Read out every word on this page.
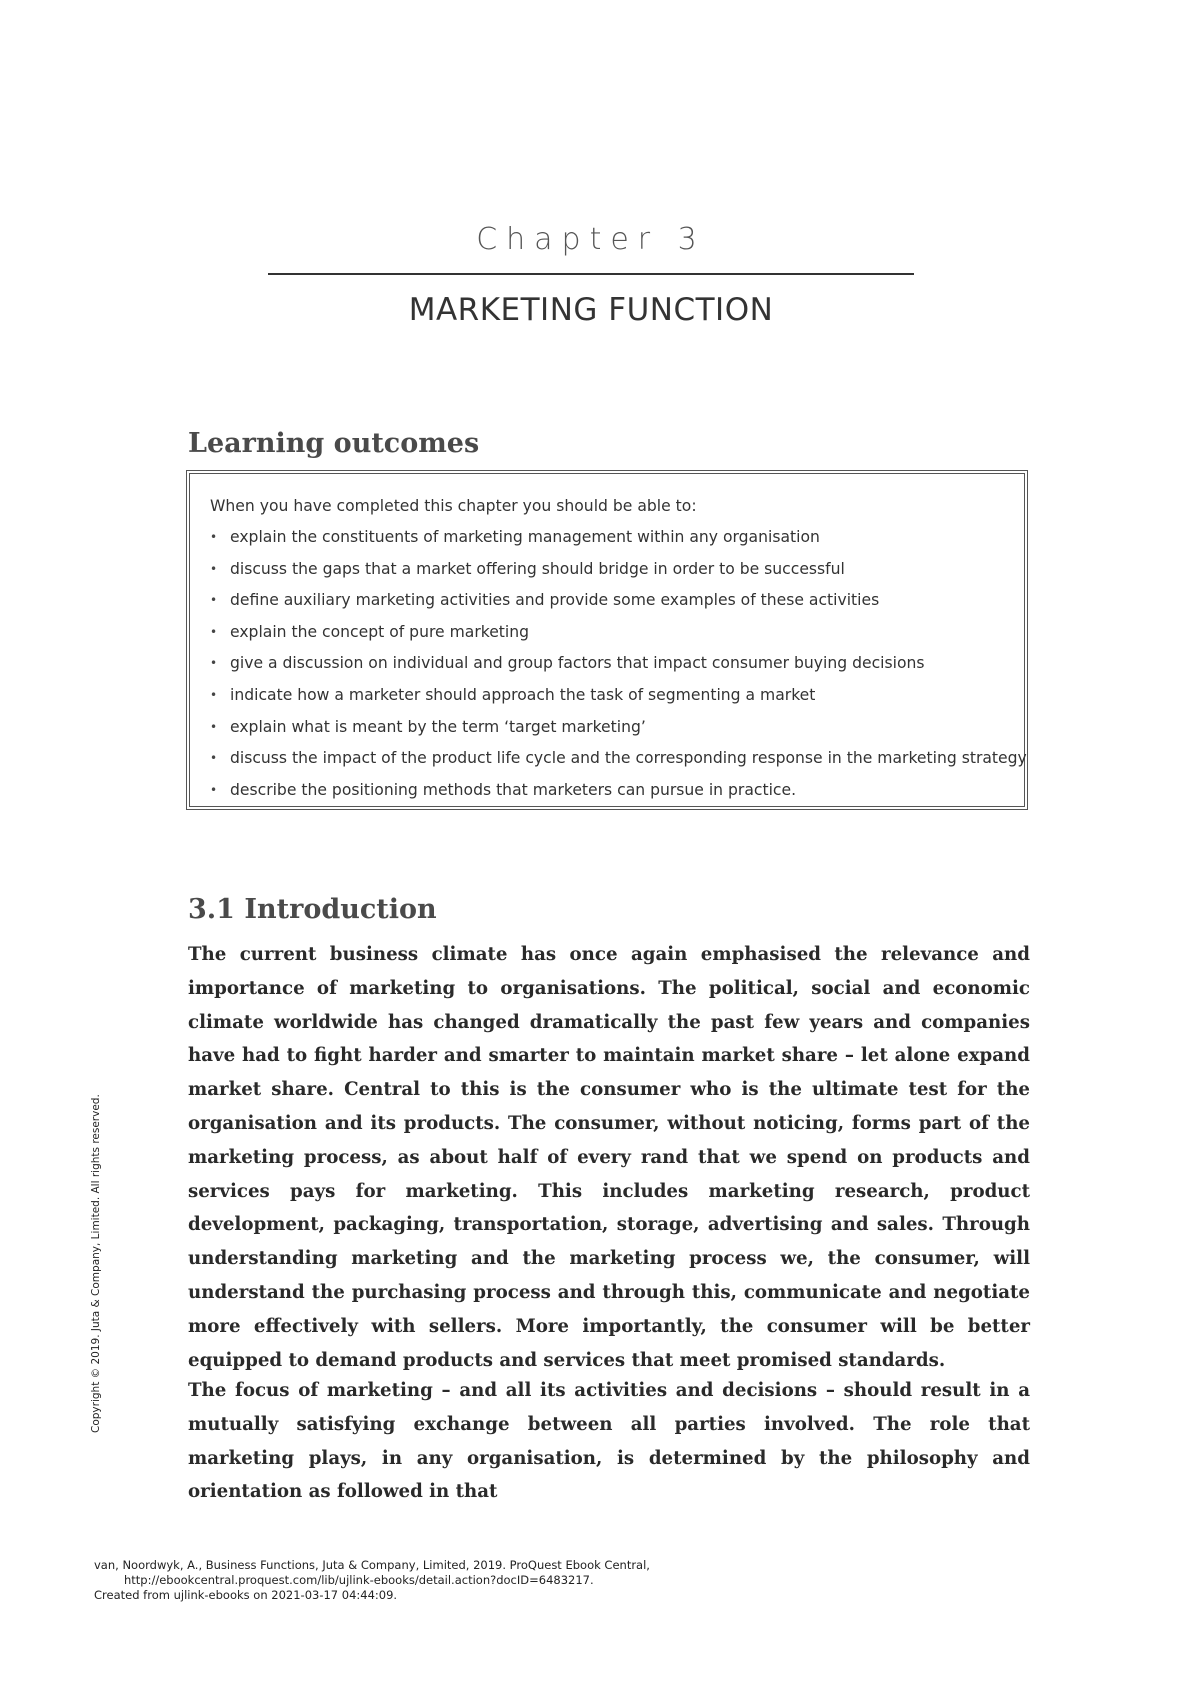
Chapter 3
MARKETING FUNCTION
Learning outcomes
When you have completed this chapter you should be able to:
• explain the constituents of marketing management within any organisation
• discuss the gaps that a market offering should bridge in order to be successful
• define auxiliary marketing activities and provide some examples of these activities
• explain the concept of pure marketing
• give a discussion on individual and group factors that impact consumer buying decisions
• indicate how a marketer should approach the task of segmenting a market
• explain what is meant by the term ‘target marketing’
• discuss the impact of the product life cycle and the corresponding response in the marketing strategy
• describe the positioning methods that marketers can pursue in practice.
3.1 Introduction

The current business climate has once again emphasised the relevance and importance of marketing to organisations. The political, social and economic climate worldwide has changed dramatically the past few years and companies have had to fight harder and smarter to maintain market share – let alone expand market share. Central to this is the consumer who is the ultimate test for the organisation and its products. The consumer, without noticing, forms part of the marketing process, as about half of every rand that we spend on products and services pays for marketing. This includes marketing research, product development, packaging, transportation, storage, advertising and sales. Through understanding marketing and the marketing process we, the consumer, will understand the purchasing process and through this, communicate and negotiate more effectively with sellers. More importantly, the consumer will be better equipped to demand products and services that meet promised standards.

The focus of marketing – and all its activities and decisions – should result in a mutually satisfying exchange between all parties involved. The role that marketing plays, in any organisation, is determined by the philosophy and orientation as followed in that

Copyright © 2019. Juta & Company, Limited. All rights reserved.
van, Noordwyk, A., Business Functions, Juta & Company, Limited, 2019. ProQuest Ebook Central,
http://ebookcentral.proquest.com/lib/ujlink-ebooks/detail.action?docID=6483217.
Created from ujlink-ebooks on 2021-03-17 04:44:09.
